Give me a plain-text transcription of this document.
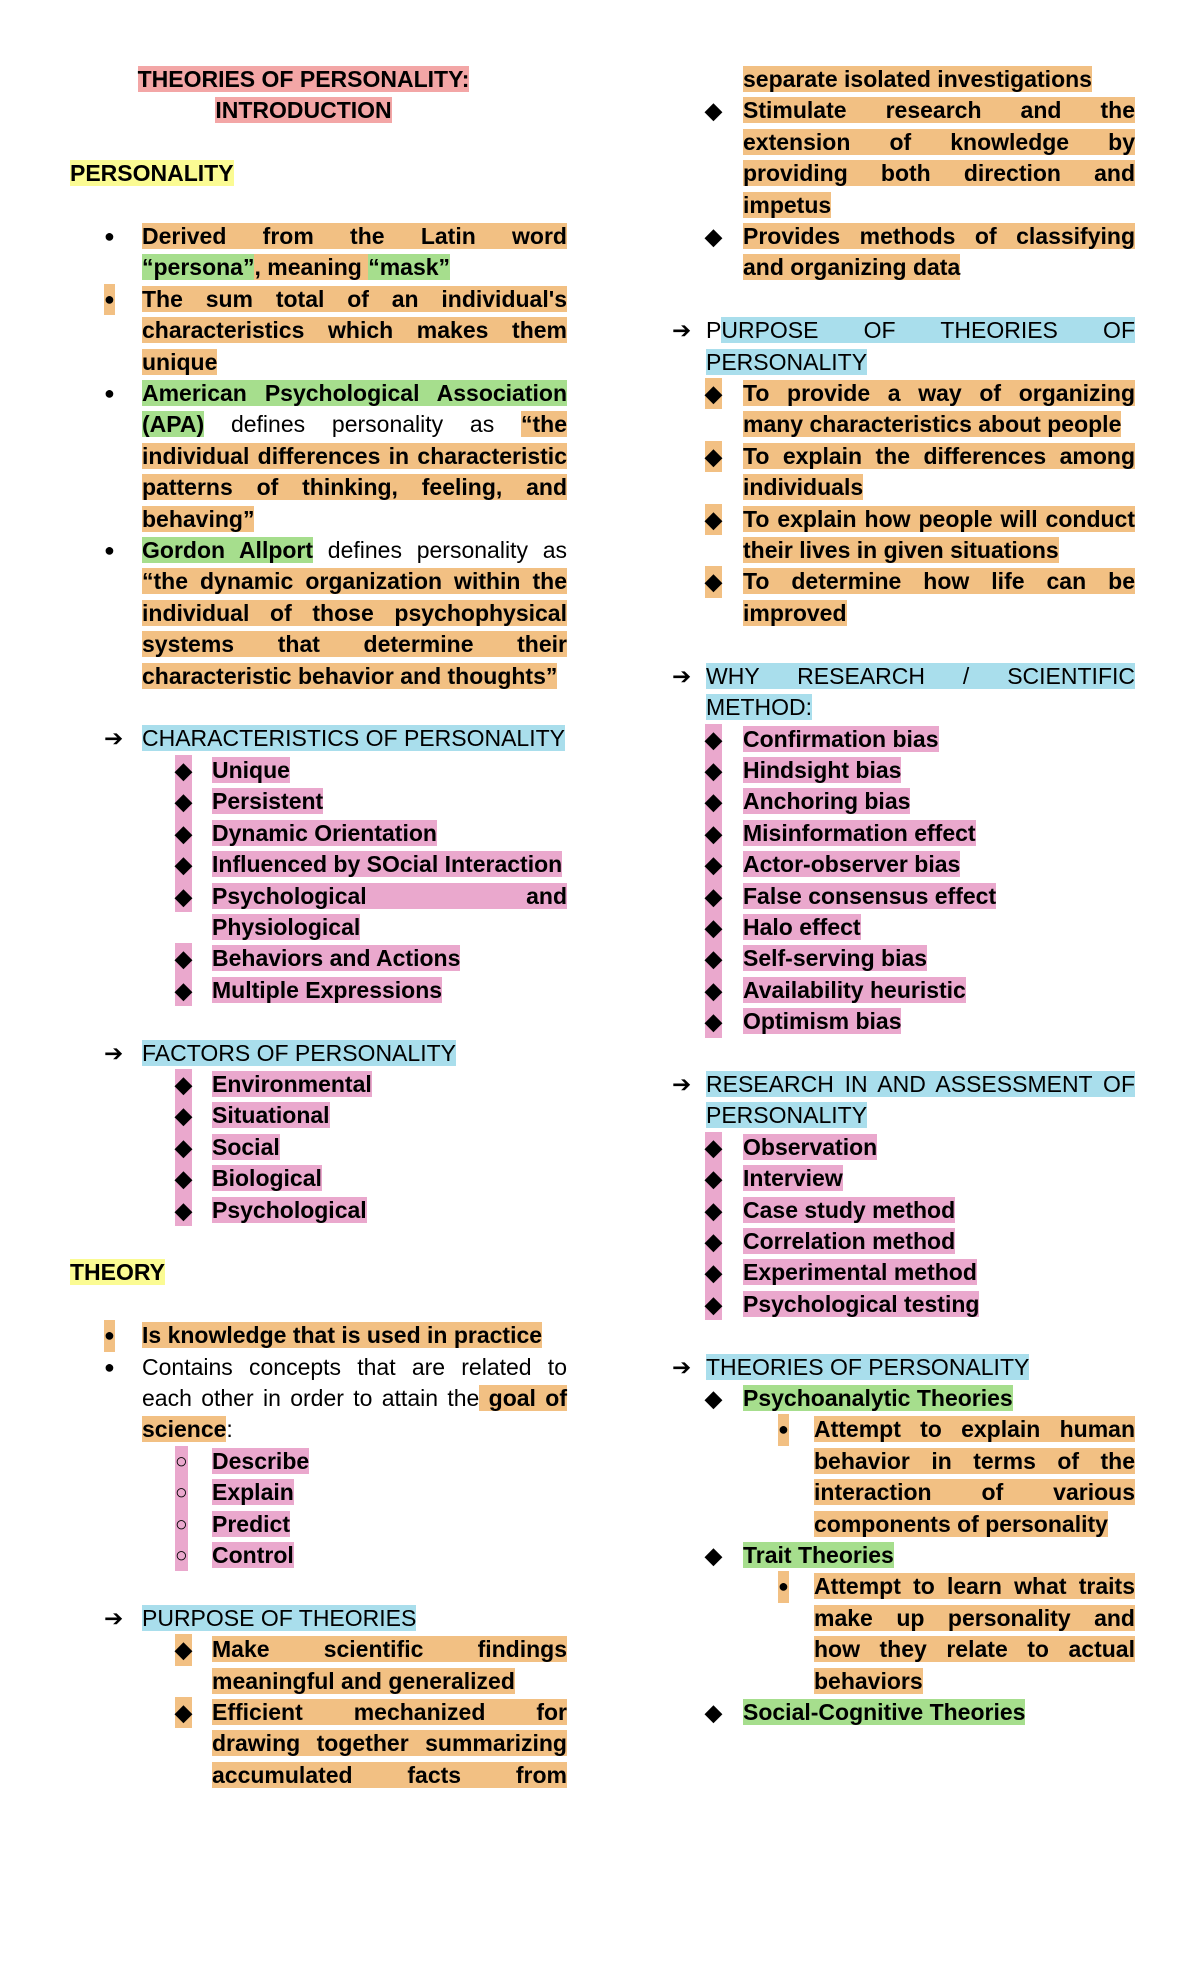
THEORIES OF PERSONALITY:

INTRODUCTION

PERSONALITY

● Derived from the Latin word “persona”, meaning “mask”
● The sum total of an individual's characteristics which makes them unique
● American Psychological Association (APA) defines personality as “the individual differences in characteristic patterns of thinking, feeling, and behaving”
● Gordon Allport defines personality as “the dynamic organization within the individual of those psychophysical systems that determine their characteristic behavior and thoughts”
➔ CHARACTERISTICS OF PERSONALITY
◆ Unique
◆ Persistent
◆ Dynamic Orientation
◆ Influenced by SOcial Interaction
◆ Psychological and Physiological
◆ Behaviors and Actions
◆ Multiple Expressions
➔ FACTORS OF PERSONALITY
◆ Environmental
◆ Situational
◆ Social
◆ Biological
◆ Psychological

THEORY

● Is knowledge that is used in practice
● Contains concepts that are related to each other in order to attain the goal of science:
○ Describe
○ Explain
○ Predict
○ Control
➔ PURPOSE OF THEORIES
◆ Make scientific findings meaningful and generalized
◆ Efficient mechanized for drawing together summarizing accumulated facts from
separate isolated investigations
◆ Stimulate research and the extension of knowledge by providing both direction and impetus
◆ Provides methods of classifying and organizing data
➔ PURPOSE OF THEORIES OF PERSONALITY
◆ To provide a way of organizing many characteristics about people
◆ To explain the differences among individuals
◆ To explain how people will conduct their lives in given situations
◆ To determine how life can be improved
➔ WHY RESEARCH / SCIENTIFIC METHOD:
◆ Confirmation bias
◆ Hindsight bias
◆ Anchoring bias
◆ Misinformation effect
◆ Actor-observer bias
◆ False consensus effect
◆ Halo effect
◆ Self-serving bias
◆ Availability heuristic
◆ Optimism bias
➔ RESEARCH IN AND ASSESSMENT OF PERSONALITY
◆ Observation
◆ Interview
◆ Case study method
◆ Correlation method
◆ Experimental method
◆ Psychological testing
➔ THEORIES OF PERSONALITY
◆ Psychoanalytic Theories
● Attempt to explain human behavior in terms of the interaction of various components of personality
◆ Trait Theories
● Attempt to learn what traits make up personality and how they relate to actual behaviors
◆ Social-Cognitive Theories
